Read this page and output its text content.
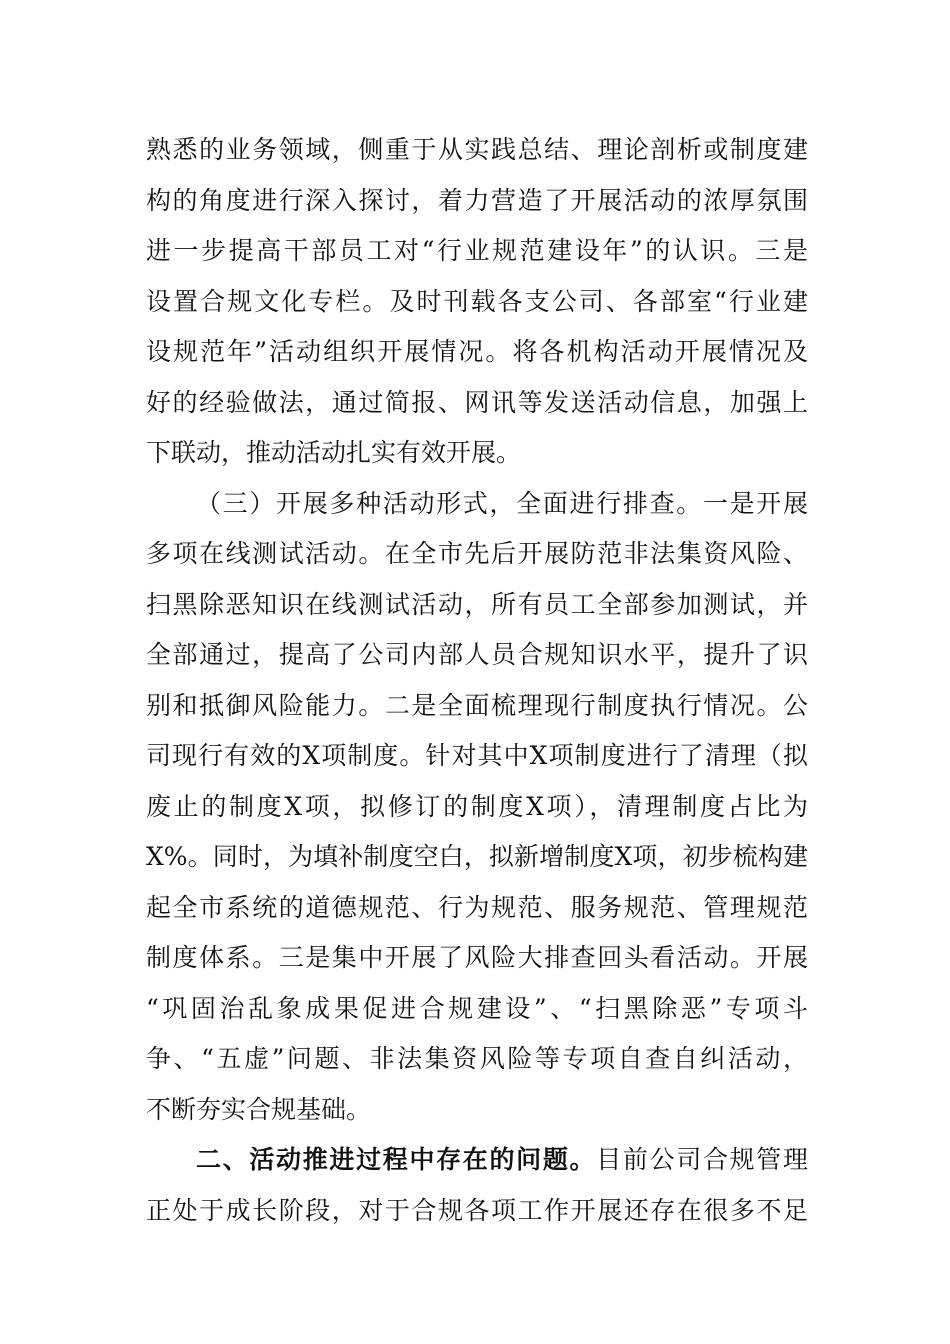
熟悉的业务领域，侧重于从实践总结、理论剖析或制度建
构的角度进行深入探讨，着力营造了开展活动的浓厚氛围
进一步提高干部员工对“行业规范建设年”的认识。三是
设置合规文化专栏。及时刊载各支公司、各部室“行业建
设规范年”活动组织开展情况。将各机构活动开展情况及
好的经验做法，通过简报、网讯等发送活动信息，加强上
下联动，推动活动扎实有效开展。
（三）开展多种活动形式，全面进行排查。一是开展
多项在线测试活动。在全市先后开展防范非法集资风险、
扫黑除恶知识在线测试活动，所有员工全部参加测试，并
全部通过，提高了公司内部人员合规知识水平，提升了识
别和抵御风险能力。二是全面梳理现行制度执行情况。公
司现行有效的X项制度。针对其中X项制度进行了清理（拟
废止的制度X项，拟修订的制度X项），清理制度占比为
X%。同时，为填补制度空白，拟新增制度X项，初步梳构建
起全市系统的道德规范、行为规范、服务规范、管理规范
制度体系。三是集中开展了风险大排查回头看活动。开展
“巩固治乱象成果促进合规建设”、“扫黑除恶”专项斗
争、“五虚”问题、非法集资风险等专项自查自纠活动，
不断夯实合规基础。
二、活动推进过程中存在的问题。目前公司合规管理
正处于成长阶段，对于合规各项工作开展还存在很多不足
